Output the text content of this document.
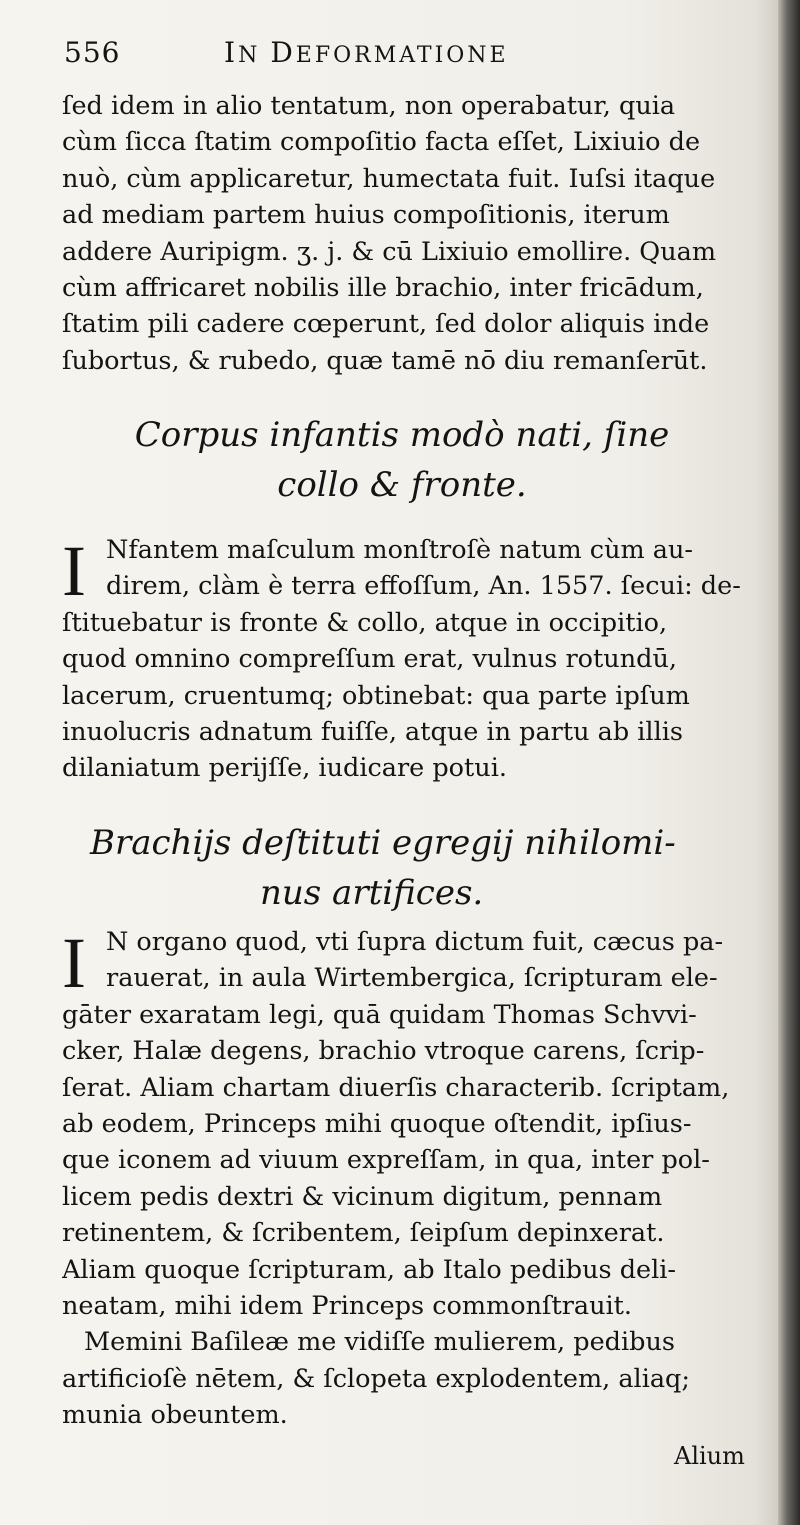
556	IN DEFORMATIONE
ſed idem in alio tentatum, non operabatur, quia
cùm ſicca ſtatim compoſitio facta eſſet, Lixiuio de
nuò, cùm applicaretur, humectata fuit. Iuſsi itaque
ad mediam partem huius compoſitionis, iterum
addere Auripigm. ʒ. j. & cū Lixiuio emollire. Quam
cùm affricaret nobilis ille brachio, inter fricādum,
ſtatim pili cadere cœperunt, ſed dolor aliquis inde
ſubortus, & rubedo, quæ tamē nō diu remanſerūt.
Corpus infantis modò nati, ſine
collo & fronte.
I Nfantem maſculum monſtroſè natum cùm au-
direm, clàm è terra effoſſum, An. 1557. ſecui: de-
ſtituebatur is fronte & collo, atque in occipitio,
quod omnino compreſſum erat, vulnus rotundū,
lacerum, cruentumq; obtinebat: qua parte ipſum
inuolucris adnatum fuiſſe, atque in partu ab illis
dilaniatum perijſſe, iudicare potui.
Brachijs deſtituti egregij nihilomi-
nus artifices.
I N organo quod, vti ſupra dictum fuit, cæcus pa-
rauerat, in aula Wirtembergica, ſcripturam ele-
gāter exaratam legi, quā quidam Thomas Schvvi-
cker, Halæ degens, brachio vtroque carens, ſcrip-
ſerat. Aliam chartam diuerſis characterib. ſcriptam,
ab eodem, Princeps mihi quoque oſtendit, ipſius-
que iconem ad viuum expreſſam, in qua, inter pol-
licem pedis dextri & vicinum digitum, pennam
retinentem, & ſcribentem, ſeipſum depinxerat.
Aliam quoque ſcripturam, ab Italo pedibus deli-
neatam, mihi idem Princeps commonſtrauit.
Memini Baſileæ me vidiſſe mulierem, pedibus
artificioſè nētem, & ſclopeta explodentem, aliaq;
munia obeuntem.
Alium
